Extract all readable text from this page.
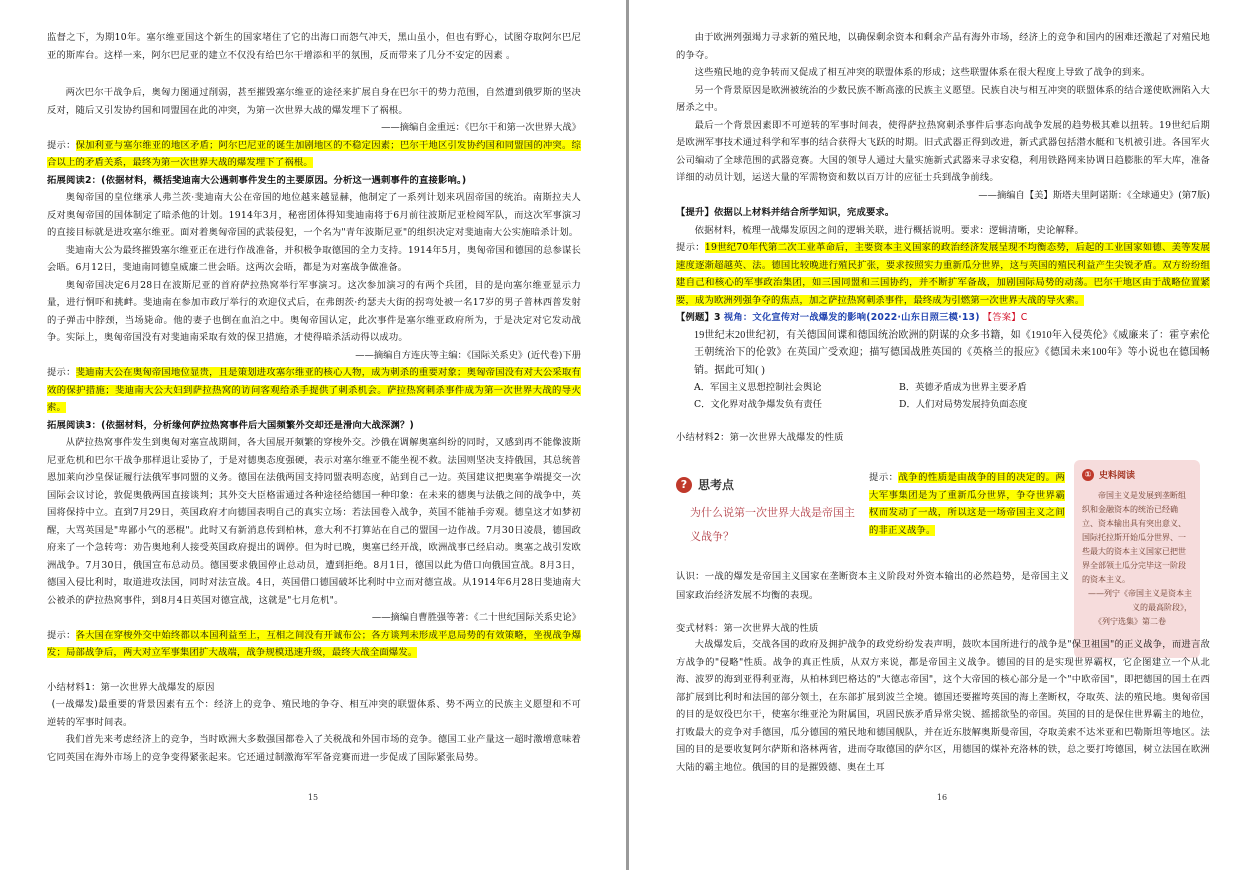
监督之下，为期10年。塞尔维亚国这个新生的国家堵住了它的出海口而怨气冲天，黑山虽小，但也有野心，试图夺取阿尔巴尼亚的斯库台。这样一来，阿尔巴尼亚的建立不仅没有给巴尔干增添和平的氛围，反而带来了几分不安定的因素 。

两次巴尔干战争后，奥匈力图通过削弱，甚至摧毁塞尔维亚的途径来扩展自身在巴尔干的势力范围，自然遭到俄罗斯的坚决反对，随后又引发协约国和同盟国在此的冲突，为第一次世界大战的爆发埋下了祸根。

——摘编自金重远：《巴尔干和第一次世界大战》

提示：保加利亚与塞尔维亚的地区矛盾；阿尔巴尼亚的诞生加剧地区的不稳定因素；巴尔干地区引发协约国和同盟国的冲突。综合以上的矛盾关系，最终为第一次世界大战的爆发埋下了祸根。

拓展阅读2：(依据材料，概括斐迪南大公遇刺事件发生的主要原因。分析这一遇刺事件的直接影响。)

奥匈帝国的皇位继承人弗兰茨·斐迪南大公在帝国的地位越来越显赫，他制定了一系列计划来巩固帝国的统治。南斯拉夫人反对奥匈帝国的国体制定了暗杀他的计划。1914年3月，秘密团体得知斐迪南将于6月前往波斯尼亚检阅军队，而这次军事演习的直接目标就是进攻塞尔维亚。面对着奥匈帝国的武装侵犯，一个名为"青年波斯尼亚"的组织决定对斐迪南大公实施暗杀计划。

斐迪南大公为最终摧毁塞尔维亚正在进行作战准备，并积极争取德国的全力支持。1914年5月，奥匈帝国和德国的总参谋长会晤。6月12日，斐迪南同德皇威廉二世会晤。这两次会晤，都是为对塞战争做准备。

奥匈帝国决定6月28日在波斯尼亚的首府萨拉热窝举行军事演习。这次参加演习的有两个兵团，目的是向塞尔维亚显示力量，进行恫吓和挑衅。斐迪南在参加市政厅举行的欢迎仪式后，在弗朗茨·约瑟夫大街的拐弯处被一名17岁的男子普林西普发射的子弹击中脖颈，当场毙命。他的妻子也倒在血泊之中。奥匈帝国认定，此次事件是塞尔维亚政府所为，于是决定对它发动战争。实际上，奥匈帝国没有对斐迪南采取有效的保卫措施，才使得暗杀活动得以成功。

——摘编自方连庆等主编：《国际关系史》(近代卷)下册

提示：斐迪南大公在奥匈帝国地位显贵，且是策划进攻塞尔维亚的核心人物，成为刺杀的重要对象；奥匈帝国没有对大公采取有效的保护措施；斐迪南大公大妇到萨拉热窝的访问客观给杀手提供了刺杀机会。萨拉热窝刺杀事件成为第一次世界大战的导火索。

拓展阅读3：(依据材料，分析缘何萨拉热窝事件后大国频繁外交却还是滑向大战深渊？)

从萨拉热窝事件发生到奥匈对塞宣战期间，各大国展开频繁的穿梭外交。沙俄在调解奥塞纠纷的同时，又感到再不能像波斯尼亚危机和巴尔干战争那样退让妥协了，于是对德奥态度强硬，表示对塞尔维亚不能坐视不救。法国则坚决支持俄国，其总统普恩加莱向沙皇保证履行法俄军事同盟的义务。德国在法俄两国支持同盟表明态度，站到自己一边。英国建议把奥塞争端提交一次国际会议讨论，敦促奥俄两国直接谈判；其外交大臣格雷通过各种途径给德国一种印象：在未来的德奥与法俄之间的战争中，英国将保持中立。直到7月29日，英国政府才向德国表明自己的真实立场：若法国卷入战争，英国不能袖手旁观。德皇这才如梦初醒，大骂英国是"卑鄙小气的恶棍"。此时又有新消息传到柏林，意大利不打算站在自己的盟国一边作战。7月30日凌晨，德国政府来了一个急转弯：劝告奥地利人接受英国政府提出的调停。但为时已晚，奥塞已经开战，欧洲战事已经启动。奥塞之战引发欧洲战争。7月30日，俄国宣布总动员。德国要求俄国停止总动员，遭到拒绝。8月1日，德国以此为借口向俄国宣战。8月3日，德国入侵比利时，取道进攻法国，同时对法宣战。4日，英国借口德国破坏比利时中立而对德宣战。从1914年6月28日斐迪南大公被杀的萨拉热窝事件，到8月4日英国对德宣战，这就是"七月危机"。

——摘编自曹胜强等著：《二十世纪国际关系史论》

提示：各大国在穿梭外交中始终都以本国利益至上，互相之间没有开诚布公；各方谈判未形成平息局势的有效策略，坐视战争爆发；局部战争后，两大对立军事集团扩大战端，战争规模迅速升级，最终大战全面爆发。

小结材料1：第一次世界大战爆发的原因

(一战爆发)最重要的背景因素有五个：经济上的竞争、殖民地的争夺、相互冲突的联盟体系、势不两立的民族主义愿望和不可逆转的军事时间表。

我们首先来考虑经济上的竞争，当时欧洲大多数强国都卷入了关税战和外国市场的竞争。德国工业产量这一超时激增意味着它同英国在海外市场上的竞争变得紧张起来。它还通过制激海军军备竞赛而进一步促成了国际紧张局势。

15

由于欧洲列强竭力寻求新的殖民地，以确保剩余资本和剩余产品有海外市场，经济上的竞争和国内的困难还激起了对殖民地的争夺。

这些殖民地的竞争转而又促成了相互冲突的联盟体系的形成；这些联盟体系在很大程度上导致了战争的到来。

另一个背景原因是欧洲被统治的少数民族不断高涨的民族主义愿望。民族自决与相互冲突的联盟体系的结合遂使欧洲陷入大屠杀之中。

最后一个背景因素即不可逆转的军事时间表，使得萨拉热窝刺杀事件后事态向战争发展的趋势极其难以扭转。19世纪后期是欧洲军事技术通过科学和军事的结合获得大飞跃的时期。旧式武器正得到改进，新式武器包括潜水艇和飞机被引进。各国军火公司编动了全球范围的武器竞赛。大国的领导人通过大量实施新式武器来寻求安稳，利用铁路网来协调日趋膨胀的军大库，准备详细的动员计划，运送大量的军需物资和数以百万计的应征士兵到战争前线。

——摘编自【美】斯塔夫里阿诺斯：《全球通史》(第7版)

【提升】依据以上材料并结合所学知识，完成要求。

依据材料，梳理一战爆发原因之间的逻辑关联，进行概括说明。要求：逻辑清晰，史论解释。

提示：19世纪70年代第二次工业革命后，主要资本主义国家的政治经济发展呈现不均衡态势，后起的工业国家如德、美等发展速度逐渐超越英、法。德国比较晚进行殖民扩张，要求按照实力重新瓜分世界，这与英国的殖民利益产生尖锐矛盾。双方纷纷组建自己和核心的军事政治集团，如三国同盟和三国协约，并不断扩军备战，加剧国际局势的动荡。巴尔干地区由于战略位置紧要，成为欧洲列强争夺的焦点，加之萨拉热窝刺杀事件，最终成为引燃第一次世界大战的导火索。

【例题】3 视角：文化宣传对一战爆发的影响(2022·山东日照三模·13) 【答案】C

19世纪末20世纪初，有关德国间谍和德国统治欧洲的阴谋的众多书籍，如《1910年入侵英伦》《威廉来了：霍亨索伦王朝统治下的伦敦》在英国广受欢迎；描写德国战胜英国的《英格兰的报应》《德国未来100年》等小说也在德国畅销。据此可知( )

A．军国主义思想控制社会舆论	B．英德矛盾成为世界主要矛盾
C．文化界对战争爆发负有责任	D．人们对局势发展持负面态度

小结材料2：第一次世界大战爆发的性质

? 思考点
为什么说第一次世界大战是帝国主义战争？

提示：战争的性质是由战争的目的决定的。两大军事集团是为了重新瓜分世界，争夺世界霸权而发动了一战，所以这是一场帝国主义之间的非正义战争。

① 史料阅读
帝国主义是发展到垄断组织和金融资本的统治已经确立、资本输出具有突出意义、国际托拉斯开始瓜分世界、一些最大的资本主义国家已把世界全部领土瓜分完毕这一阶段的资本主义。
——列宁《帝国主义是资本主义的最高阶段》，
《列宁选集》第二卷

认识：一战的爆发是帝国主义国家在垄断资本主义阶段对外资本输出的必然趋势，是帝国主义国家政治经济发展不均衡的表现。

变式材料：第一次世界大战的性质

大战爆发后，交战各国的政府及拥护战争的政党纷纷发表声明，鼓吹本国所进行的战争是"保卫祖国"的正义战争，而进言敌方战争的"侵略"性质。战争的真正性质，从双方来说，都是帝国主义战争。德国的目的是实现世界霸权，它企图建立一个从北海、波罗的海到亚得利亚海，从柏林到巴格达的"大德志帝国"，这个大帝国的核心部分是一个"中欧帝国"，即把德国的国土在西部扩展到比利时和法国的部分领土，在东部扩展到波兰全境。德国还要摧垮英国的海上垄断权，夺取英、法的殖民地。奥匈帝国的目的是奴役巴尔干，使塞尔维亚沦为附属国，巩固民族矛盾异常尖锐、摇摇欲坠的帝国。英国的目的是保住世界霸主的地位，打败最大的竞争对手德国，瓜分德国的殖民地和德国舰队，并在近东肢解奥斯曼帝国，夺取美索不达米亚和巴勒斯坦等地区。法国的目的是要收复阿尔萨斯和洛林两省，进而夺取德国的萨尔区，用德国的煤补充洛林的铁，总之要打垮德国，树立法国在欧洲大陆的霸主地位。俄国的目的是摧毁德、奥在土耳

16
